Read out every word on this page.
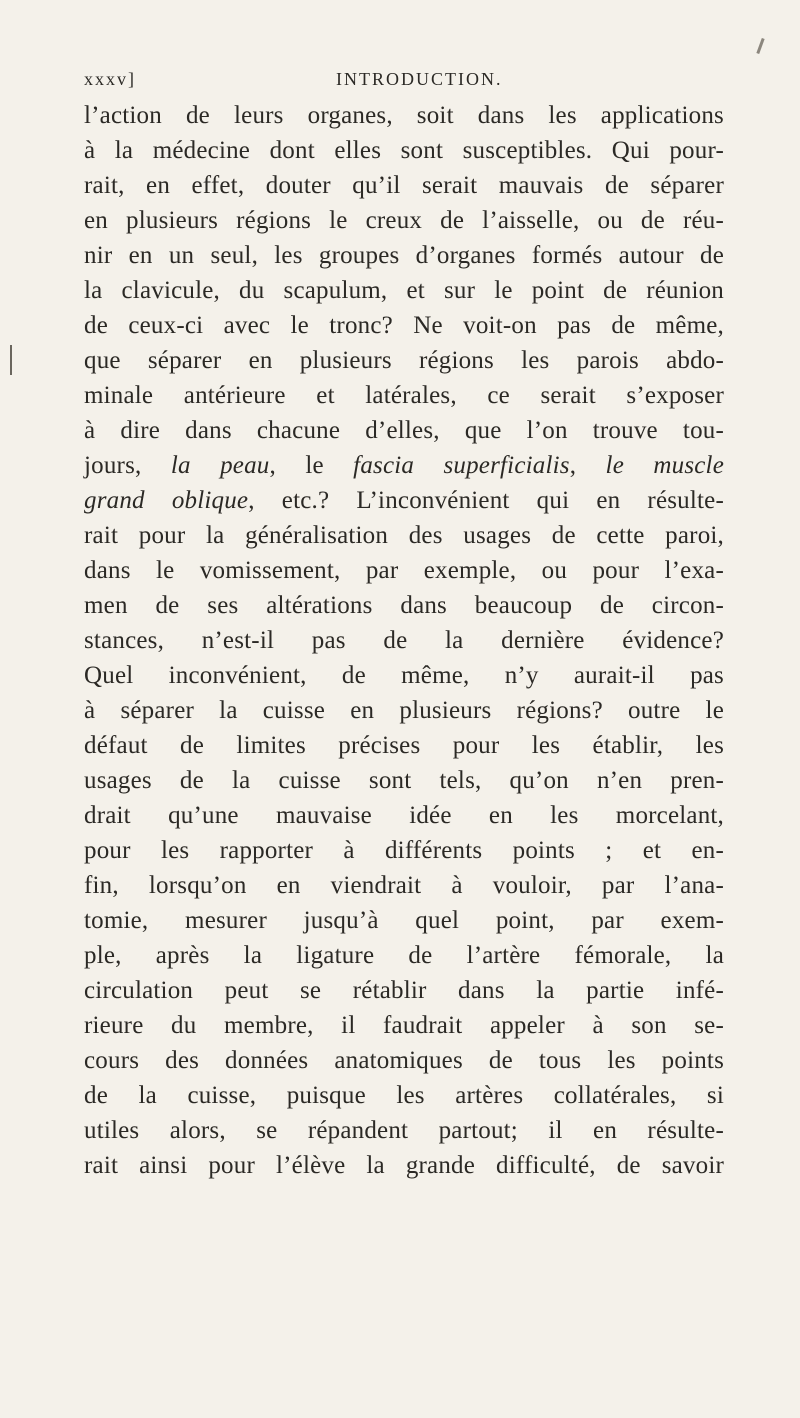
xxxv]	INTRODUCTION.
l’action de leurs organes, soit dans les applications
à la médecine dont elles sont susceptibles. Qui pour-
rait, en effet, douter qu’il serait mauvais de séparer
en plusieurs régions le creux de l’aisselle, ou de réu-
nir en un seul, les groupes d’organes formés autour de
la clavicule, du scapulum, et sur le point de réunion
de ceux-ci avec le tronc? Ne voit-on pas de même,
que séparer en plusieurs régions les parois abdo-
minale antérieure et latérales, ce serait s’exposer
à dire dans chacune d’elles, que l’on trouve tou-
jours, la peau, le fascia superficialis, le muscle
grand oblique, etc.? L’inconvénient qui en résulte-
rait pour la généralisation des usages de cette paroi,
dans le vomissement, par exemple, ou pour l’exa-
men de ses altérations dans beaucoup de circon-
stances, n’est-il pas de la dernière évidence?
Quel inconvénient, de même, n’y aurait-il pas
à séparer la cuisse en plusieurs régions? outre le
défaut de limites précises pour les établir, les
usages de la cuisse sont tels, qu’on n’en pren-
drait qu’une mauvaise idée en les morcelant,
pour les rapporter à différents points ; et en-
fin, lorsqu’on en viendrait à vouloir, par l’ana-
tomie, mesurer jusqu’à quel point, par exem-
ple, après la ligature de l’artère fémorale, la
circulation peut se rétablir dans la partie infé-
rieure du membre, il faudrait appeler à son se-
cours des données anatomiques de tous les points
de la cuisse, puisque les artères collatérales, si
utiles alors, se répandent partout; il en résulte-
rait ainsi pour l’élève la grande difficulté, de savoir
